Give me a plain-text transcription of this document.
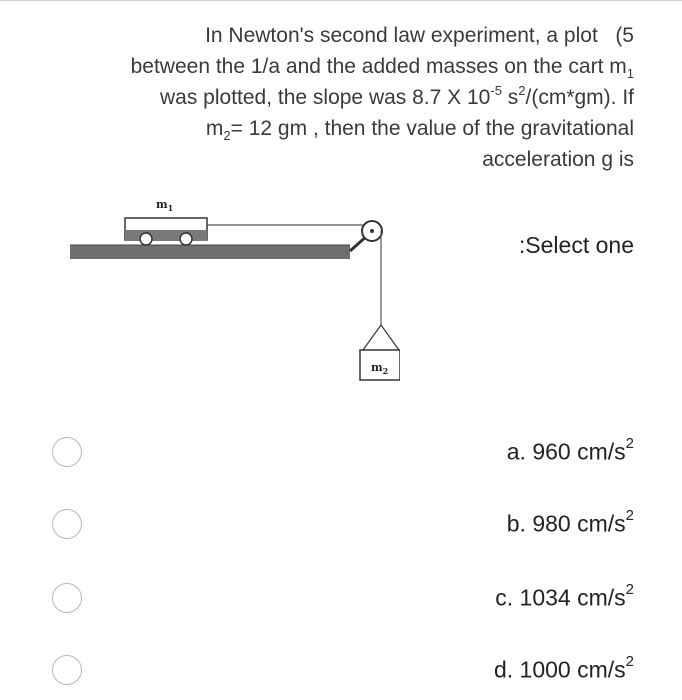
In Newton's second law experiment, a plot (5
between the 1/a and the added masses on the cart $m_1$
was plotted, the slope was 8.7 X $10^{-5}$ $s^2/(cm*gm)$. If
$m_2= 12$ gm , then the value of the gravitational
acceleration g is
$m_1$
$m_2$
:Select one
a. 960 $cm/s^2$
b. 980 $cm/s^2$
c. 1034 $cm/s^2$
d. 1000 $cm/s^2$
